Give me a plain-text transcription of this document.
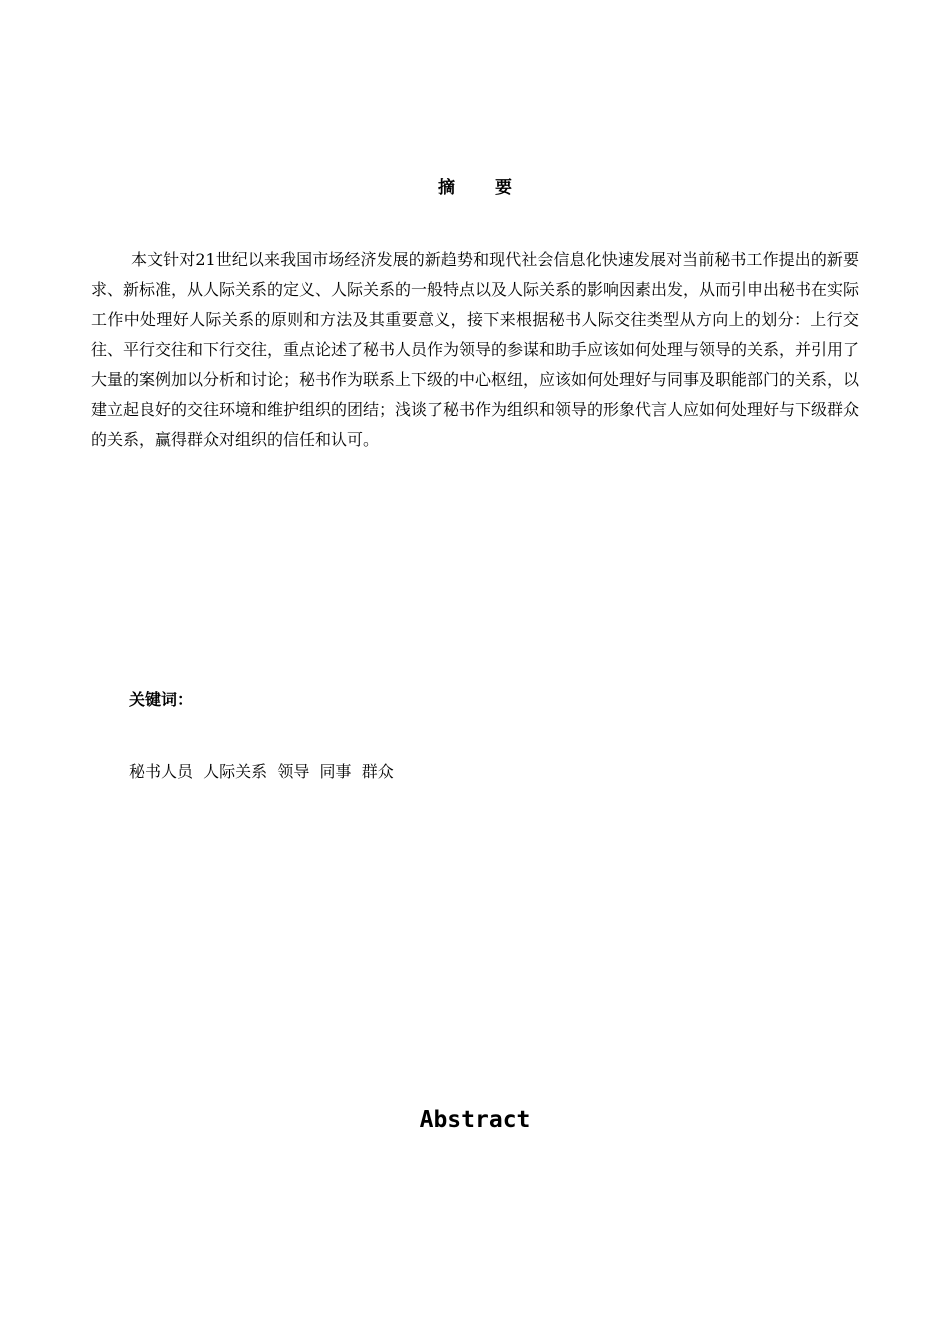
摘要

本文针对21世纪以来我国市场经济发展的新趋势和现代社会信息化快速发展对当前秘书工作提出的新要求、新标准，从人际关系的定义、人际关系的一般特点以及人际关系的影响因素出发，从而引申出秘书在实际工作中处理好人际关系的原则和方法及其重要意义，接下来根据秘书人际交往类型从方向上的划分：上行交往、平行交往和下行交往，重点论述了秘书人员作为领导的参谋和助手应该如何处理与领导的关系，并引用了大量的案例加以分析和讨论；秘书作为联系上下级的中心枢纽，应该如何处理好与同事及职能部门的关系，以建立起良好的交往环境和维护组织的团结；浅谈了秘书作为组织和领导的形象代言人应如何处理好与下级群众的关系，赢得群众对组织的信任和认可。

关键词：
秘书人员  人际关系  领导  同事  群众
Abstract
